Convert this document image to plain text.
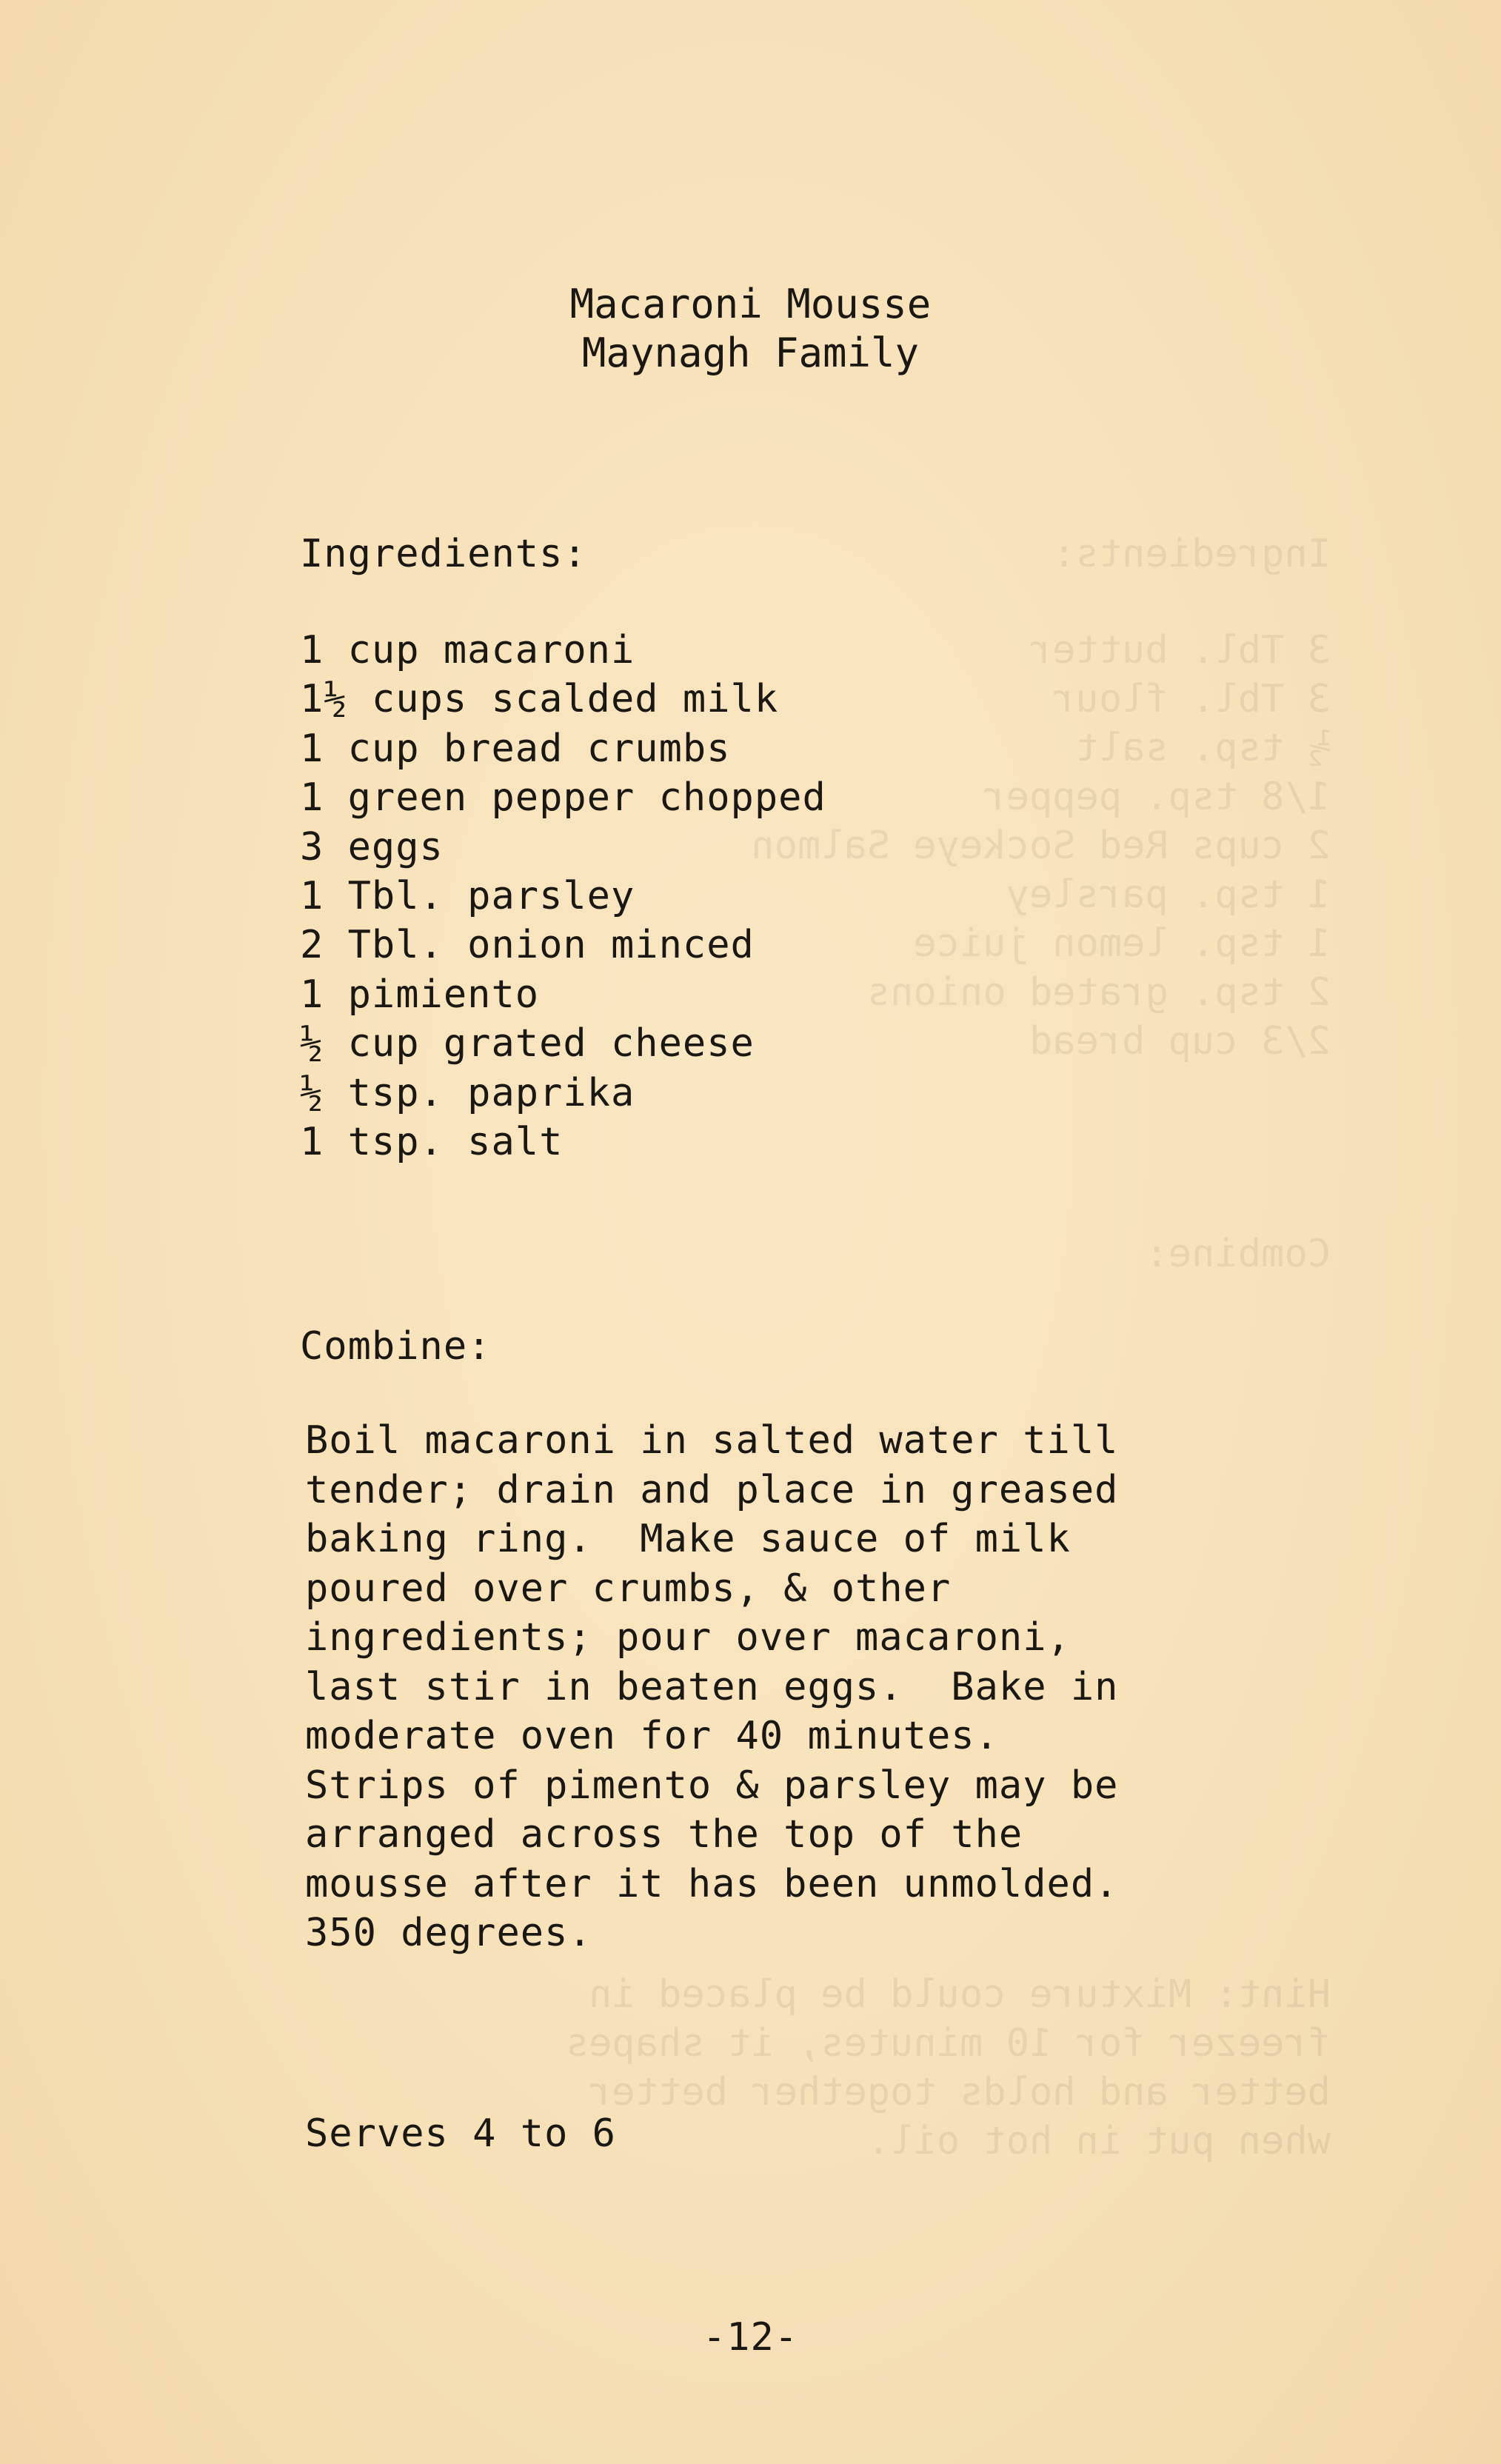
Ingredients:
3 Tbl. butter
3 Tbl. flour
½ tsp. salt
1/8 tsp. pepper
2 cups Red Sockeye Salmon
1 tsp. parsley
1 tsp. lemon juice
2 tsp. grated onions
2/3 cup bread
Combine:
Hint: Mixture could be placed in
freezer for 10 minutes, it shapes
better and holds together better
when put in hot oil.
Macaroni Mousse
Maynagh Family
Ingredients:
1 cup macaroni
1½ cups scalded milk
1 cup bread crumbs
1 green pepper chopped
3 eggs
1 Tbl. parsley
2 Tbl. onion minced
1 pimiento
½ cup grated cheese
½ tsp. paprika
1 tsp. salt
Combine:
Boil macaroni in salted water till
tender; drain and place in greased
baking ring.  Make sauce of milk
poured over crumbs, & other
ingredients; pour over macaroni,
last stir in beaten eggs.  Bake in
moderate oven for 40 minutes.
Strips of pimento & parsley may be
arranged across the top of the
mousse after it has been unmolded.
350 degrees.
Serves 4 to 6
-12-
